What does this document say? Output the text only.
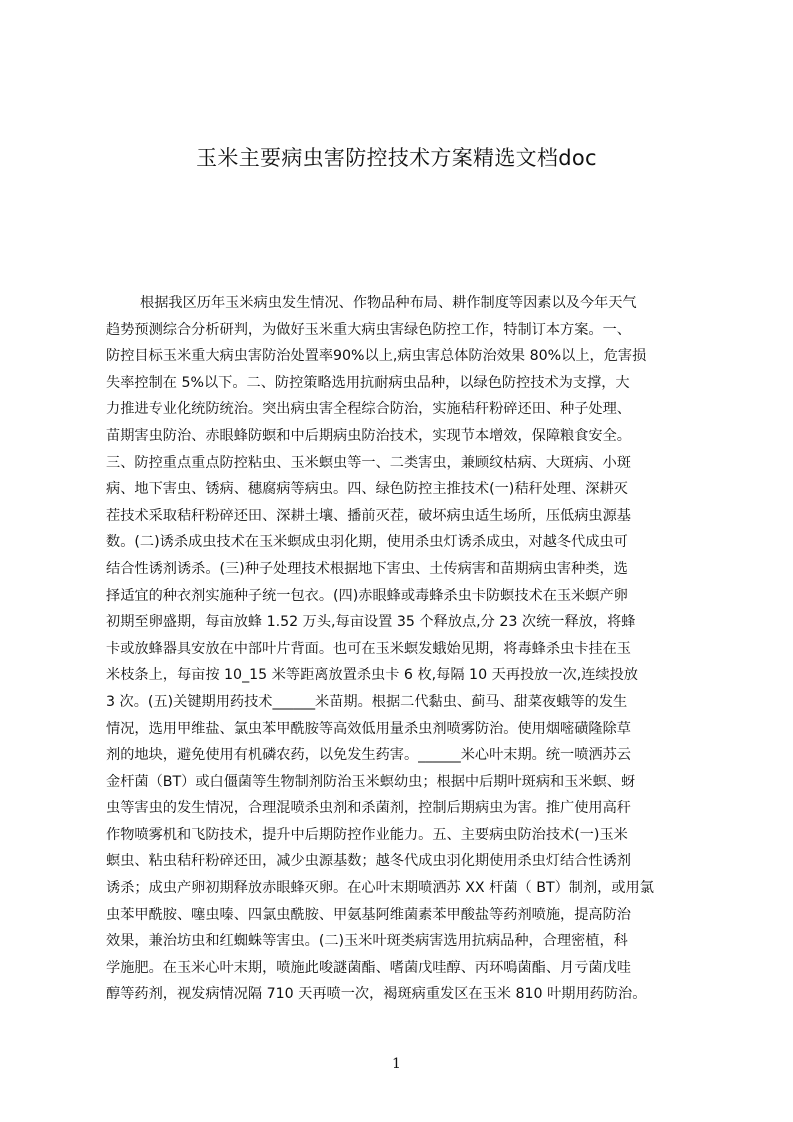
玉米主要病虫害防控技术方案精选文档doc
根据我区历年玉米病虫发生情况、作物品种布局、耕作制度等因素以及今年天气
趋势预测综合分析研判，为做好玉米重大病虫害绿色防控工作，特制订本方案。一、
防控目标玉米重大病虫害防治处置率90%以上,病虫害总体防治效果 80%以上，危害损
失率控制在 5%以下。二、防控策略选用抗耐病虫品种，以绿色防控技术为支撑，大
力推进专业化统防统治。突出病虫害全程综合防治，实施秸秆粉碎还田、种子处理、
苗期害虫防治、赤眼蜂防螟和中后期病虫防治技术，实现节本增效，保障粮食安全。
三、防控重点重点防控粘虫、玉米螟虫等一、二类害虫，兼顾纹枯病、大斑病、小斑
病、地下害虫、锈病、穗腐病等病虫。四、绿色防控主推技术(一)秸秆处理、深耕灭
茬技术采取秸秆粉碎还田、深耕土壤、播前灭茬，破坏病虫适生场所，压低病虫源基
数。(二)诱杀成虫技术在玉米螟成虫羽化期，使用杀虫灯诱杀成虫，对越冬代成虫可
结合性诱剂诱杀。(三)种子处理技术根据地下害虫、土传病害和苗期病虫害种类，选
择适宜的种衣剂实施种子统一包衣。(四)赤眼蜂或毒蜂杀虫卡防螟技术在玉米螟产卵
初期至卵盛期，每亩放蜂 1.52 万头,每亩设置 35 个释放点,分 23 次统一释放，将蜂
卡或放蜂器具安放在中部叶片背面。也可在玉米螟发蛾始见期，将毒蜂杀虫卡挂在玉
米枝条上，每亩按 10_15 米等距离放置杀虫卡 6 枚,每隔 10 天再投放一次,连续投放
3 次。(五)关键期用药技术______米苗期。根据二代黏虫、蓟马、甜菜夜蛾等的发生
情况，选用甲维盐、氯虫苯甲酰胺等高效低用量杀虫剂喷雾防治。使用烟嘧磺隆除草
剂的地块，避免使用有机磷农药，以免发生药害。______米心叶末期。统一喷洒苏云
金杆菌（BT）或白僵菌等生物制剂防治玉米螟幼虫；根据中后期叶斑病和玉米螟、蚜
虫等害虫的发生情况，合理混喷杀虫剂和杀菌剂，控制后期病虫为害。推广使用高秆
作物喷雾机和飞防技术，提升中后期防控作业能力。五、主要病虫防治技术(一)玉米
螟虫、粘虫秸秆粉碎还田，减少虫源基数；越冬代成虫羽化期使用杀虫灯结合性诱剂
诱杀；成虫产卵初期释放赤眼蜂灭卵。在心叶末期喷洒苏 XX 杆菌（ BT）制剂，或用氯
虫苯甲酰胺、噻虫嗪、四氯虫酰胺、甲氨基阿维菌素苯甲酸盐等药剂喷施，提高防治
效果，兼治坊虫和红蜘蛛等害虫。(二)玉米叶斑类病害选用抗病品种，合理密植，科
学施肥。在玉米心叶末期，喷施此唆謎菌酯、嗜菌戊哇醇、丙环鳴菌酯、月亏菌戊哇
醇等药剂，视发病情况隔 710 天再喷一次，褐斑病重发区在玉米 810 叶期用药防治。
1
